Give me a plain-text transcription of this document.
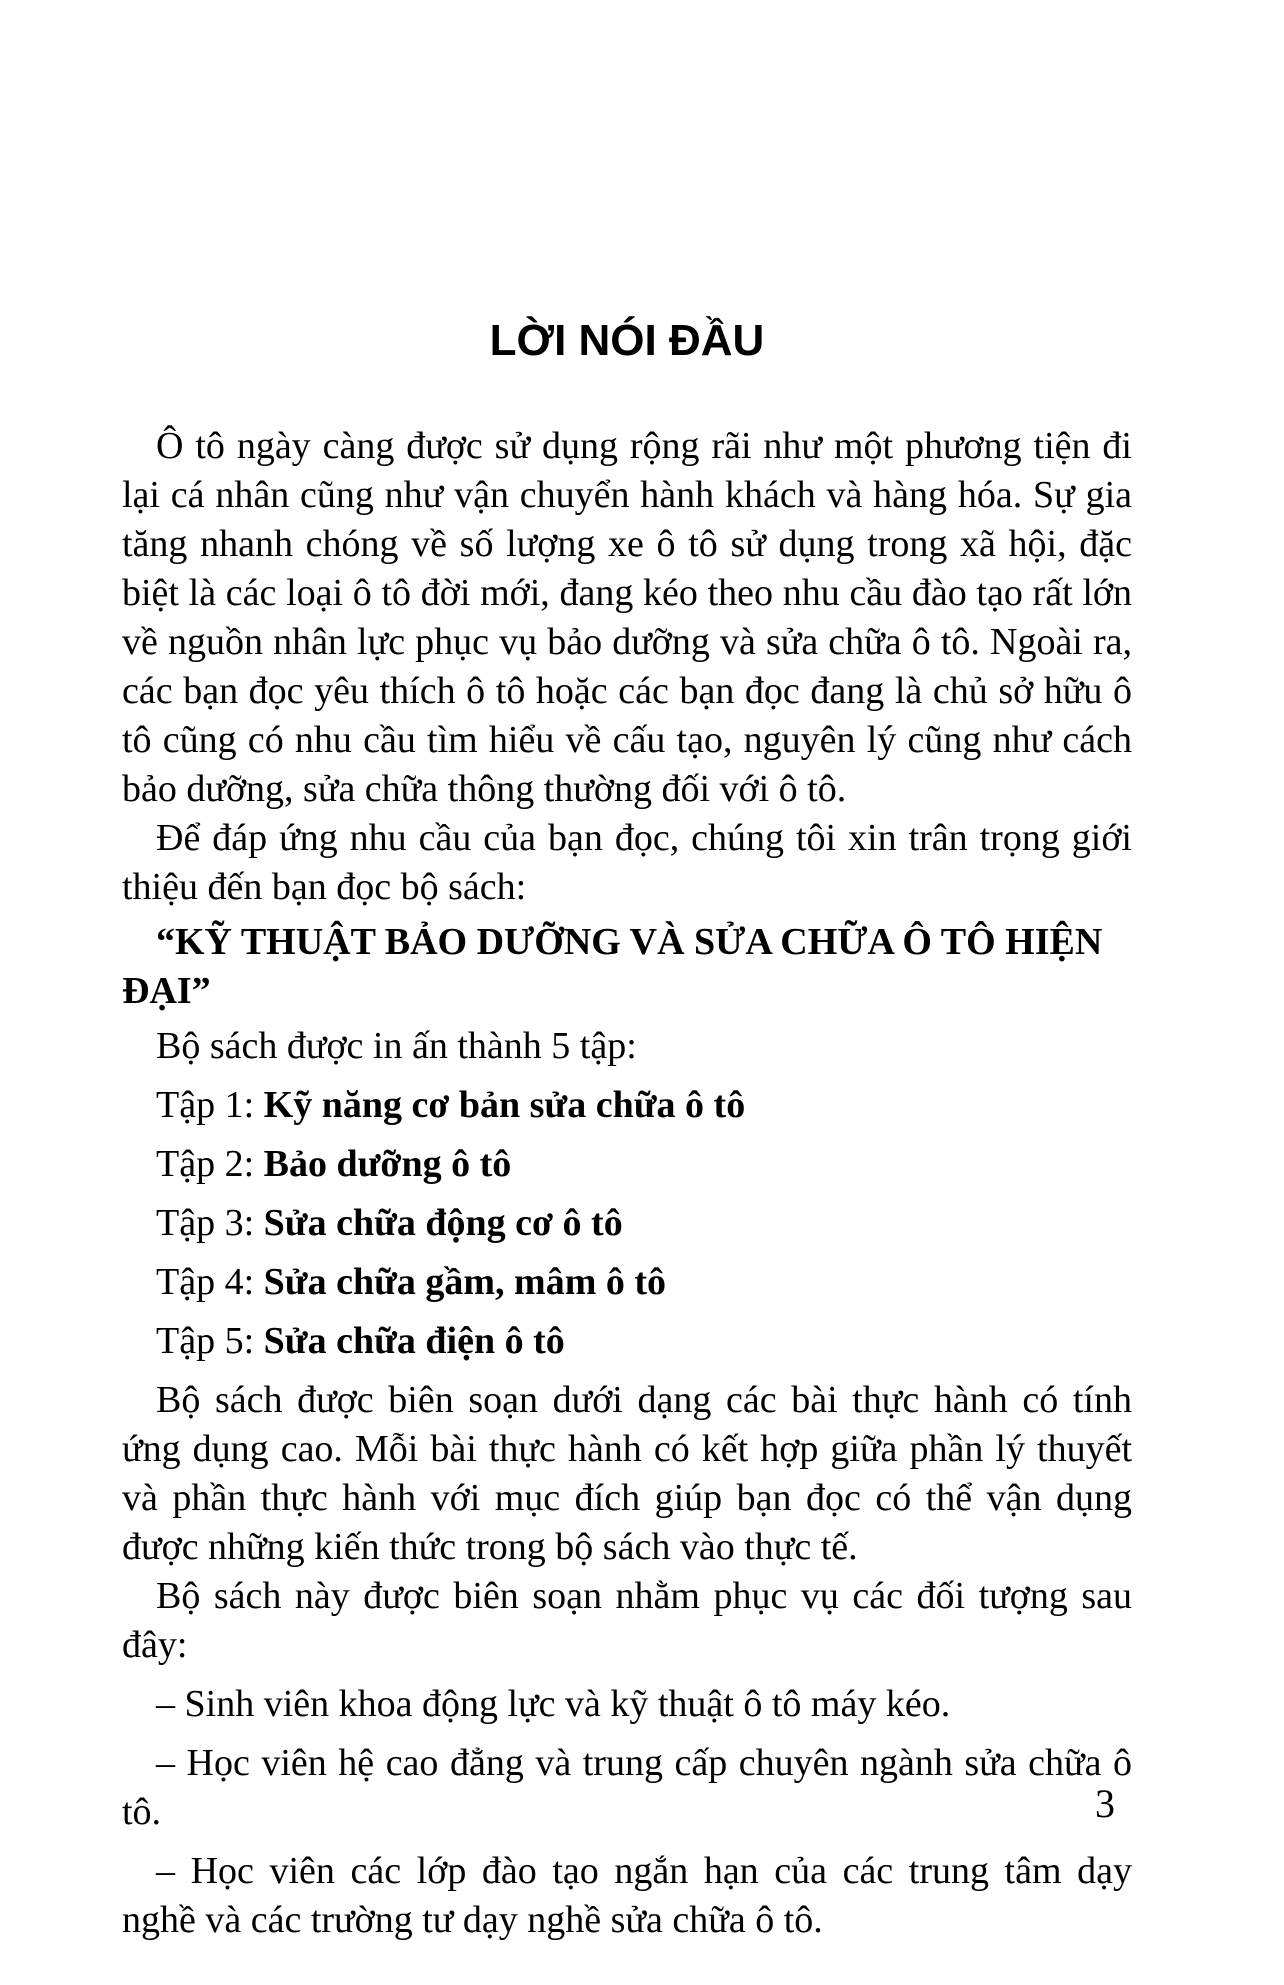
LỜI NÓI ĐẦU

Ô tô ngày càng được sử dụng rộng rãi như một phương tiện đi lại cá nhân cũng như vận chuyển hành khách và hàng hóa. Sự gia tăng nhanh chóng về số lượng xe ô tô sử dụng trong xã hội, đặc biệt là các loại ô tô đời mới, đang kéo theo nhu cầu đào tạo rất lớn về nguồn nhân lực phục vụ bảo dưỡng và sửa chữa ô tô. Ngoài ra, các bạn đọc yêu thích ô tô hoặc các bạn đọc đang là chủ sở hữu ô tô cũng có nhu cầu tìm hiểu về cấu tạo, nguyên lý cũng như cách bảo dưỡng, sửa chữa thông thường đối với ô tô.

Để đáp ứng nhu cầu của bạn đọc, chúng tôi xin trân trọng giới thiệu đến bạn đọc bộ sách:

“KỸ THUẬT BẢO DƯỠNG VÀ SỬA CHỮA Ô TÔ HIỆN ĐẠI”

Bộ sách được in ấn thành 5 tập:

Tập 1: Kỹ năng cơ bản sửa chữa ô tô

Tập 2: Bảo dưỡng ô tô

Tập 3: Sửa chữa động cơ ô tô

Tập 4: Sửa chữa gầm, mâm ô tô

Tập 5: Sửa chữa điện ô tô

Bộ sách được biên soạn dưới dạng các bài thực hành có tính ứng dụng cao. Mỗi bài thực hành có kết hợp giữa phần lý thuyết và phần thực hành với mục đích giúp bạn đọc có thể vận dụng được những kiến thức trong bộ sách vào thực tế.

Bộ sách này được biên soạn nhằm phục vụ các đối tượng sau đây:

– Sinh viên khoa động lực và kỹ thuật ô tô máy kéo.

– Học viên hệ cao đẳng và trung cấp chuyên ngành sửa chữa ô tô.

– Học viên các lớp đào tạo ngắn hạn của các trung tâm dạy nghề và các trường tư dạy nghề sửa chữa ô tô.

3
